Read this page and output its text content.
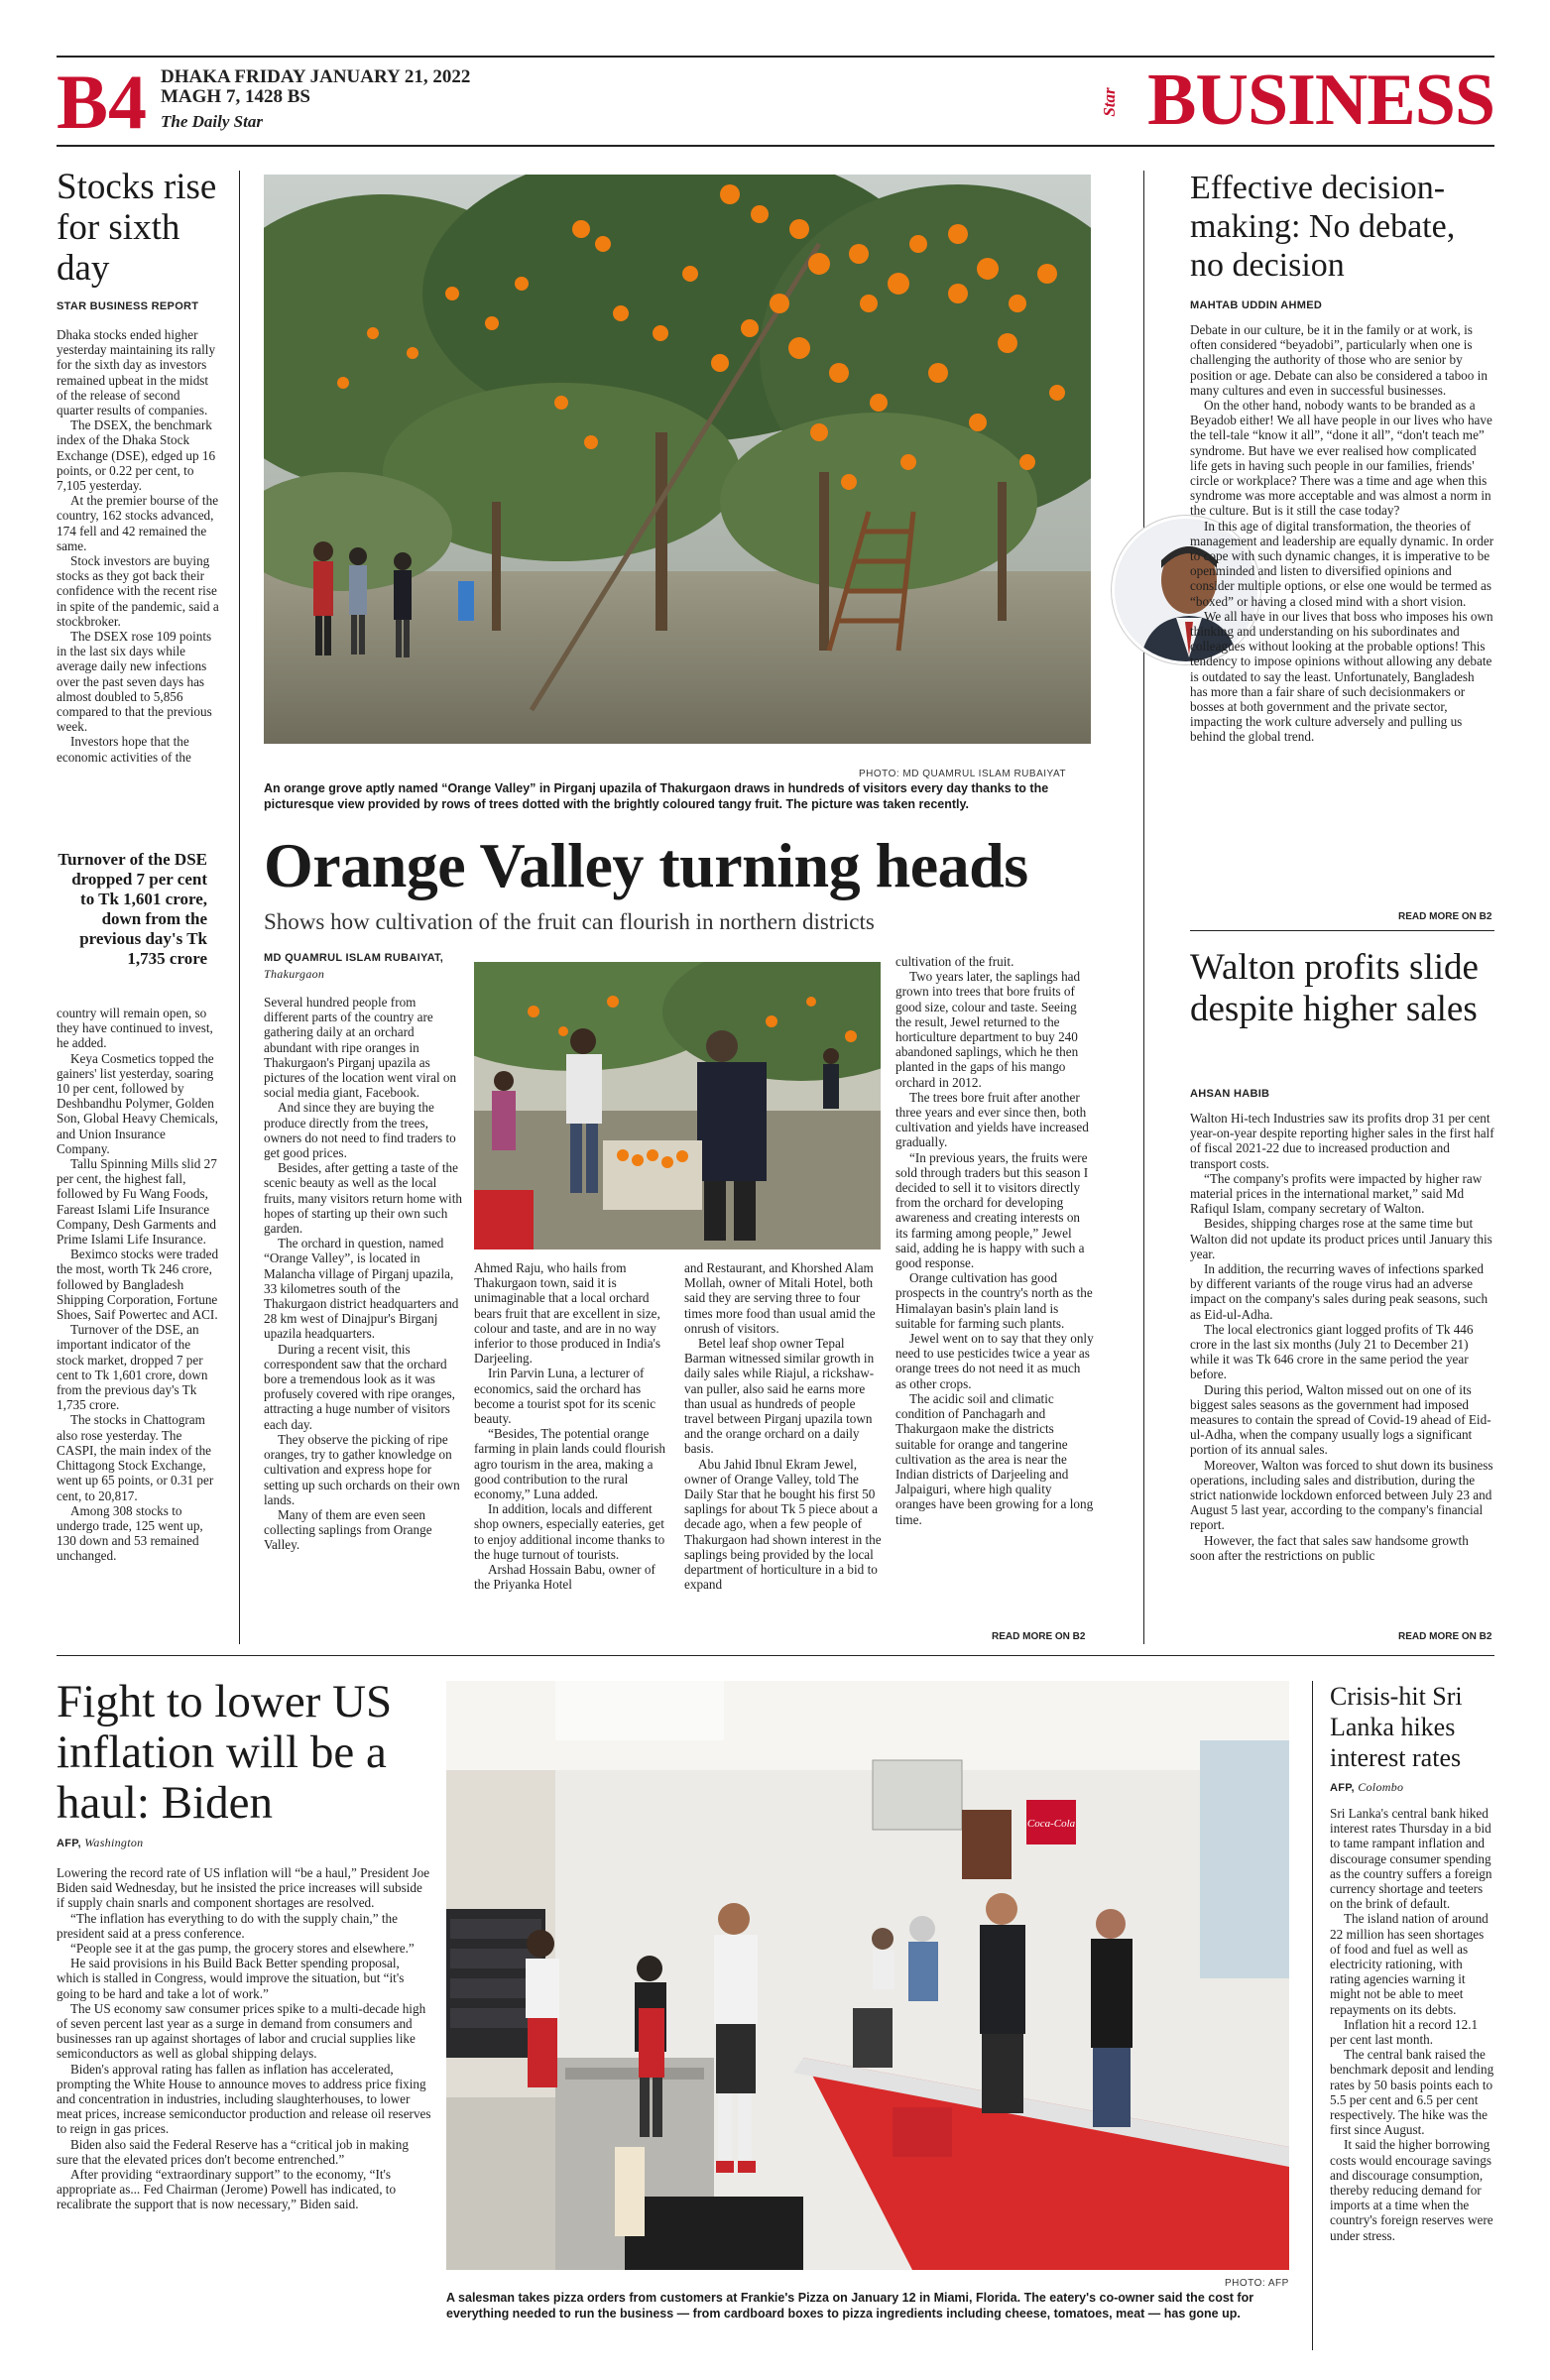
B4 DHAKA FRIDAY JANUARY 21, 2022
MAGH 7, 1428 BS
The Daily Star
Star BUSINESS
Stocks rise for sixth day
STAR BUSINESS REPORT

Dhaka stocks ended higher yesterday maintaining its rally for the sixth day as investors remained upbeat in the midst of the release of second quarter results of companies.

The DSEX, the benchmark index of the Dhaka Stock Exchange (DSE), edged up 16 points, or 0.22 per cent, to 7,105 yesterday.

At the premier bourse of the country, 162 stocks advanced, 174 fell and 42 remained the same.

Stock investors are buying stocks as they got back their confidence with the recent rise in spite of the pandemic, said a stockbroker.

The DSEX rose 109 points in the last six days while average daily new infections over the past seven days has almost doubled to 5,856 compared to that the previous week.

Investors hope that the economic activities of the

Turnover of the DSE dropped 7 per cent to Tk 1,601 crore, down from the previous day's Tk 1,735 crore

country will remain open, so they have continued to invest, he added.

Keya Cosmetics topped the gainers' list yesterday, soaring 10 per cent, followed by Deshbandhu Polymer, Golden Son, Global Heavy Chemicals, and Union Insurance Company.

Tallu Spinning Mills slid 27 per cent, the highest fall, followed by Fu Wang Foods, Fareast Islami Life Insurance Company, Desh Garments and Prime Islami Life Insurance.

Beximco stocks were traded the most, worth Tk 246 crore, followed by Bangladesh Shipping Corporation, Fortune Shoes, Saif Powertec and ACI.

Turnover of the DSE, an important indicator of the stock market, dropped 7 per cent to Tk 1,601 crore, down from the previous day's Tk 1,735 crore.

The stocks in Chattogram also rose yesterday. The CASPI, the main index of the Chittagong Stock Exchange, went up 65 points, or 0.31 per cent, to 20,817.

Among 308 stocks to undergo trade, 125 went up, 130 down and 53 remained unchanged.

PHOTO: MD QUAMRUL ISLAM RUBAIYAT
An orange grove aptly named “Orange Valley” in Pirganj upazila of Thakurgaon draws in hundreds of visitors every day thanks to the picturesque view provided by rows of trees dotted with the brightly coloured tangy fruit. The picture was taken recently.
Orange Valley turning heads
Shows how cultivation of the fruit can flourish in northern districts
MD QUAMRUL ISLAM RUBAIYAT,
Thakurgaon

Several hundred people from different parts of the country are gathering daily at an orchard abundant with ripe oranges in Thakurgaon's Pirganj upazila as pictures of the location went viral on social media giant, Facebook.

And since they are buying the produce directly from the trees, owners do not need to find traders to get good prices.

Besides, after getting a taste of the scenic beauty as well as the local fruits, many visitors return home with hopes of starting up their own such garden.

The orchard in question, named “Orange Valley”, is located in Malancha village of Pirganj upazila, 33 kilometres south of the Thakurgaon district headquarters and 28 km west of Dinajpur's Birganj upazila headquarters.

During a recent visit, this correspondent saw that the orchard bore a tremendous look as it was profusely covered with ripe oranges, attracting a huge number of visitors each day.

They observe the picking of ripe oranges, try to gather knowledge on cultivation and express hope for setting up such orchards on their own lands.

Many of them are even seen collecting saplings from Orange Valley.

Ahmed Raju, who hails from Thakurgaon town, said it is unimaginable that a local orchard bears fruit that are excellent in size, colour and taste, and are in no way inferior to those produced in India's Darjeeling.

Irin Parvin Luna, a lecturer of economics, said the orchard has become a tourist spot for its scenic beauty.

“Besides, The potential orange farming in plain lands could flourish agro tourism in the area, making a good contribution to the rural economy,” Luna added.

In addition, locals and different shop owners, especially eateries, get to enjoy additional income thanks to the huge turnout of tourists.

Arshad Hossain Babu, owner of the Priyanka Hotel

and Restaurant, and Khorshed Alam Mollah, owner of Mitali Hotel, both said they are serving three to four times more food than usual amid the onrush of visitors.

Betel leaf shop owner Tepal Barman witnessed similar growth in daily sales while Riajul, a rickshaw-van puller, also said he earns more than usual as hundreds of people travel between Pirganj upazila town and the orange orchard on a daily basis.

Abu Jahid Ibnul Ekram Jewel, owner of Orange Valley, told The Daily Star that he bought his first 50 saplings for about Tk 5 piece about a decade ago, when a few people of Thakurgaon had shown interest in the saplings being provided by the local department of horticulture in a bid to expand

cultivation of the fruit.

Two years later, the saplings had grown into trees that bore fruits of good size, colour and taste. Seeing the result, Jewel returned to the horticulture department to buy 240 abandoned saplings, which he then planted in the gaps of his mango orchard in 2012.

The trees bore fruit after another three years and ever since then, both cultivation and yields have increased gradually.

“In previous years, the fruits were sold through traders but this season I decided to sell it to visitors directly from the orchard for developing awareness and creating interests on its farming among people,” Jewel said, adding he is happy with such a good response.

Orange cultivation has good prospects in the country's north as the Himalayan basin's plain land is suitable for farming such plants.

Jewel went on to say that they only need to use pesticides twice a year as orange trees do not need it as much as other crops.

The acidic soil and climatic condition of Panchagarh and Thakurgaon make the districts suitable for orange and tangerine cultivation as the area is near the Indian districts of Darjeeling and Jalpaiguri, where high quality oranges have been growing for a long time.

READ MORE ON B2
Effective decision-making: No debate, no decision
MAHTAB UDDIN AHMED

Debate in our culture, be it in the family or at work, is often considered “beyadobi”, particularly when one is challenging the authority of those who are senior by position or age. Debate can also be considered a taboo in many cultures and even in successful businesses.

On the other hand, nobody wants to be branded as a Beyadob either! We all have people in our lives who have the tell-tale “know it all”, “done it all”, “don't teach me” syndrome. But have we ever realised how complicated life gets in having such people in our families, friends' circle or workplace? There was a time and age when this syndrome was more acceptable and was almost a norm in the culture. But is it still the case today?

In this age of digital transformation, the theories of management and leadership are equally dynamic. In order to cope with such dynamic changes, it is imperative to be openminded and listen to diversified opinions and consider multiple options, or else one would be termed as “boxed” or having a closed mind with a short vision.

We all have in our lives that boss who imposes his own thinking and understanding on his subordinates and colleagues without looking at the probable options! This tendency to impose opinions without allowing any debate is outdated to say the least. Unfortunately, Bangladesh has more than a fair share of such decisionmakers or bosses at both government and the private sector, impacting the work culture adversely and pulling us behind the global trend.

READ MORE ON B2
Walton profits slide despite higher sales
AHSAN HABIB

Walton Hi-tech Industries saw its profits drop 31 per cent year-on-year despite reporting higher sales in the first half of fiscal 2021-22 due to increased production and transport costs.

“The company's profits were impacted by higher raw material prices in the international market,” said Md Rafiqul Islam, company secretary of Walton.

Besides, shipping charges rose at the same time but Walton did not update its product prices until January this year.

In addition, the recurring waves of infections sparked by different variants of the rouge virus had an adverse impact on the company's sales during peak seasons, such as Eid-ul-Adha.

The local electronics giant logged profits of Tk 446 crore in the last six months (July 21 to December 21) while it was Tk 646 crore in the same period the year before.

During this period, Walton missed out on one of its biggest sales seasons as the government had imposed measures to contain the spread of Covid-19 ahead of Eid-ul-Adha, when the company usually logs a significant portion of its annual sales.

Moreover, Walton was forced to shut down its business operations, including sales and distribution, during the strict nationwide lockdown enforced between July 23 and August 5 last year, according to the company's financial report.

However, the fact that sales saw handsome growth soon after the restrictions on public

READ MORE ON B2
Fight to lower US inflation will be a haul: Biden
AFP, Washington

Lowering the record rate of US inflation will “be a haul,” President Joe Biden said Wednesday, but he insisted the price increases will subside if supply chain snarls and component shortages are resolved.

“The inflation has everything to do with the supply chain,” the president said at a press conference.

“People see it at the gas pump, the grocery stores and elsewhere.”

He said provisions in his Build Back Better spending proposal, which is stalled in Congress, would improve the situation, but “it's going to be hard and take a lot of work.”

The US economy saw consumer prices spike to a multi-decade high of seven percent last year as a surge in demand from consumers and businesses ran up against shortages of labor and crucial supplies like semiconductors as well as global shipping delays.

Biden's approval rating has fallen as inflation has accelerated, prompting the White House to announce moves to address price fixing and concentration in industries, including slaughterhouses, to lower meat prices, increase semiconductor production and release oil reserves to reign in gas prices.

Biden also said the Federal Reserve has a “critical job in making sure that the elevated prices don't become entrenched.”

After providing “extraordinary support” to the economy, “It's appropriate as... Fed Chairman (Jerome) Powell has indicated, to recalibrate the support that is now necessary,” Biden said.

Coca-Cola
PHOTO: AFP
A salesman takes pizza orders from customers at Frankie's Pizza on January 12 in Miami, Florida. The eatery's co-owner said the cost for everything needed to run the business — from cardboard boxes to pizza ingredients including cheese, tomatoes, meat — has gone up.
Crisis-hit Sri Lanka hikes interest rates
AFP, Colombo

Sri Lanka's central bank hiked interest rates Thursday in a bid to tame rampant inflation and discourage consumer spending as the country suffers a foreign currency shortage and teeters on the brink of default.

The island nation of around 22 million has seen shortages of food and fuel as well as electricity rationing, with rating agencies warning it might not be able to meet repayments on its debts.

Inflation hit a record 12.1 per cent last month.

The central bank raised the benchmark deposit and lending rates by 50 basis points each to 5.5 per cent and 6.5 per cent respectively. The hike was the first since August.

It said the higher borrowing costs would encourage savings and discourage consumption, thereby reducing demand for imports at a time when the country's foreign reserves were under stress.
